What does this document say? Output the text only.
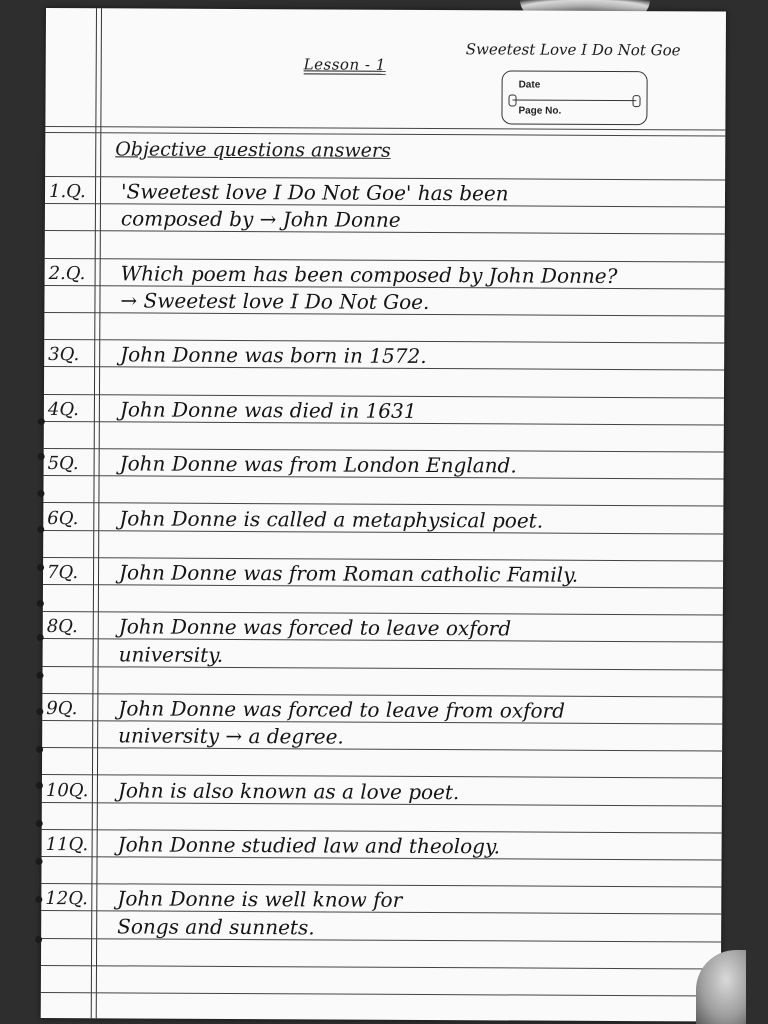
Lesson - 1
Sweetest Love I Do Not Goe
Date
Page No.
Objective questions answers
1.Q. 'Sweetest love I Do Not Goe' has been
composed by → John Donne
2.Q. Which poem has been composed by John Donne?
→ Sweetest love I Do Not Goe.
3Q. John Donne was born in 1572.
4Q. John Donne was died in 1631
5Q. John Donne was from London England.
6Q. John Donne is called a metaphysical poet.
7Q. John Donne was from Roman catholic Family.
8Q. John Donne was forced to leave oxford
university.
9Q. John Donne was forced to leave from oxford
university → a degree.
10Q. John is also known as a love poet.
11Q. John Donne studied law and theology.
12Q. John Donne is well know for
Songs and sunnets.
